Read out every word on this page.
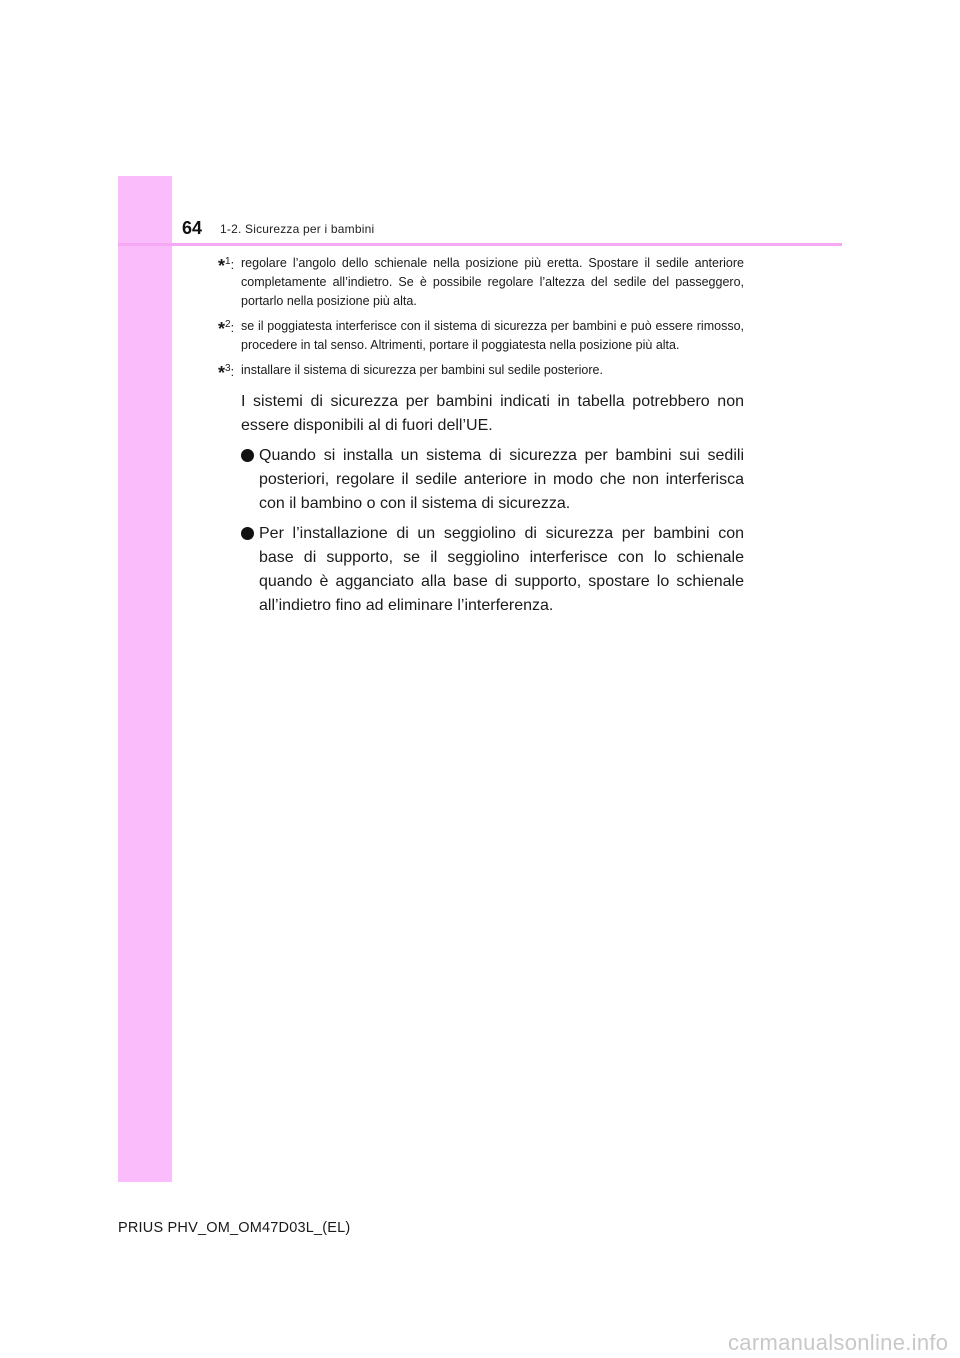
64 1-2. Sicurezza per i bambini
*$^1$: regolare l’angolo dello schienale nella posizione più eretta. Spostare il sedile anteriore completamente all’indietro. Se è possibile regolare l’altezza del sedile del passeggero, portarlo nella posizione più alta.
*$^2$: se il poggiatesta interferisce con il sistema di sicurezza per bambini e può essere rimosso, procedere in tal senso. Altrimenti, portare il poggiatesta nella posizione più alta.
*$^3$: installare il sistema di sicurezza per bambini sul sedile posteriore.
I sistemi di sicurezza per bambini indicati in tabella potrebbero non essere disponibili al di fuori dell’UE.
Quando si installa un sistema di sicurezza per bambini sui sedili posteriori, regolare il sedile anteriore in modo che non interferisca con il bambino o con il sistema di sicurezza.
Per l’installazione di un seggiolino di sicurezza per bambini con base di supporto, se il seggiolino interferisce con lo schienale quando è agganciato alla base di supporto, spostare lo schienale all’indietro fino ad eliminare l’interferenza.
PRIUS PHV_OM_OM47D03L_(EL)
carmanualsonline.info
